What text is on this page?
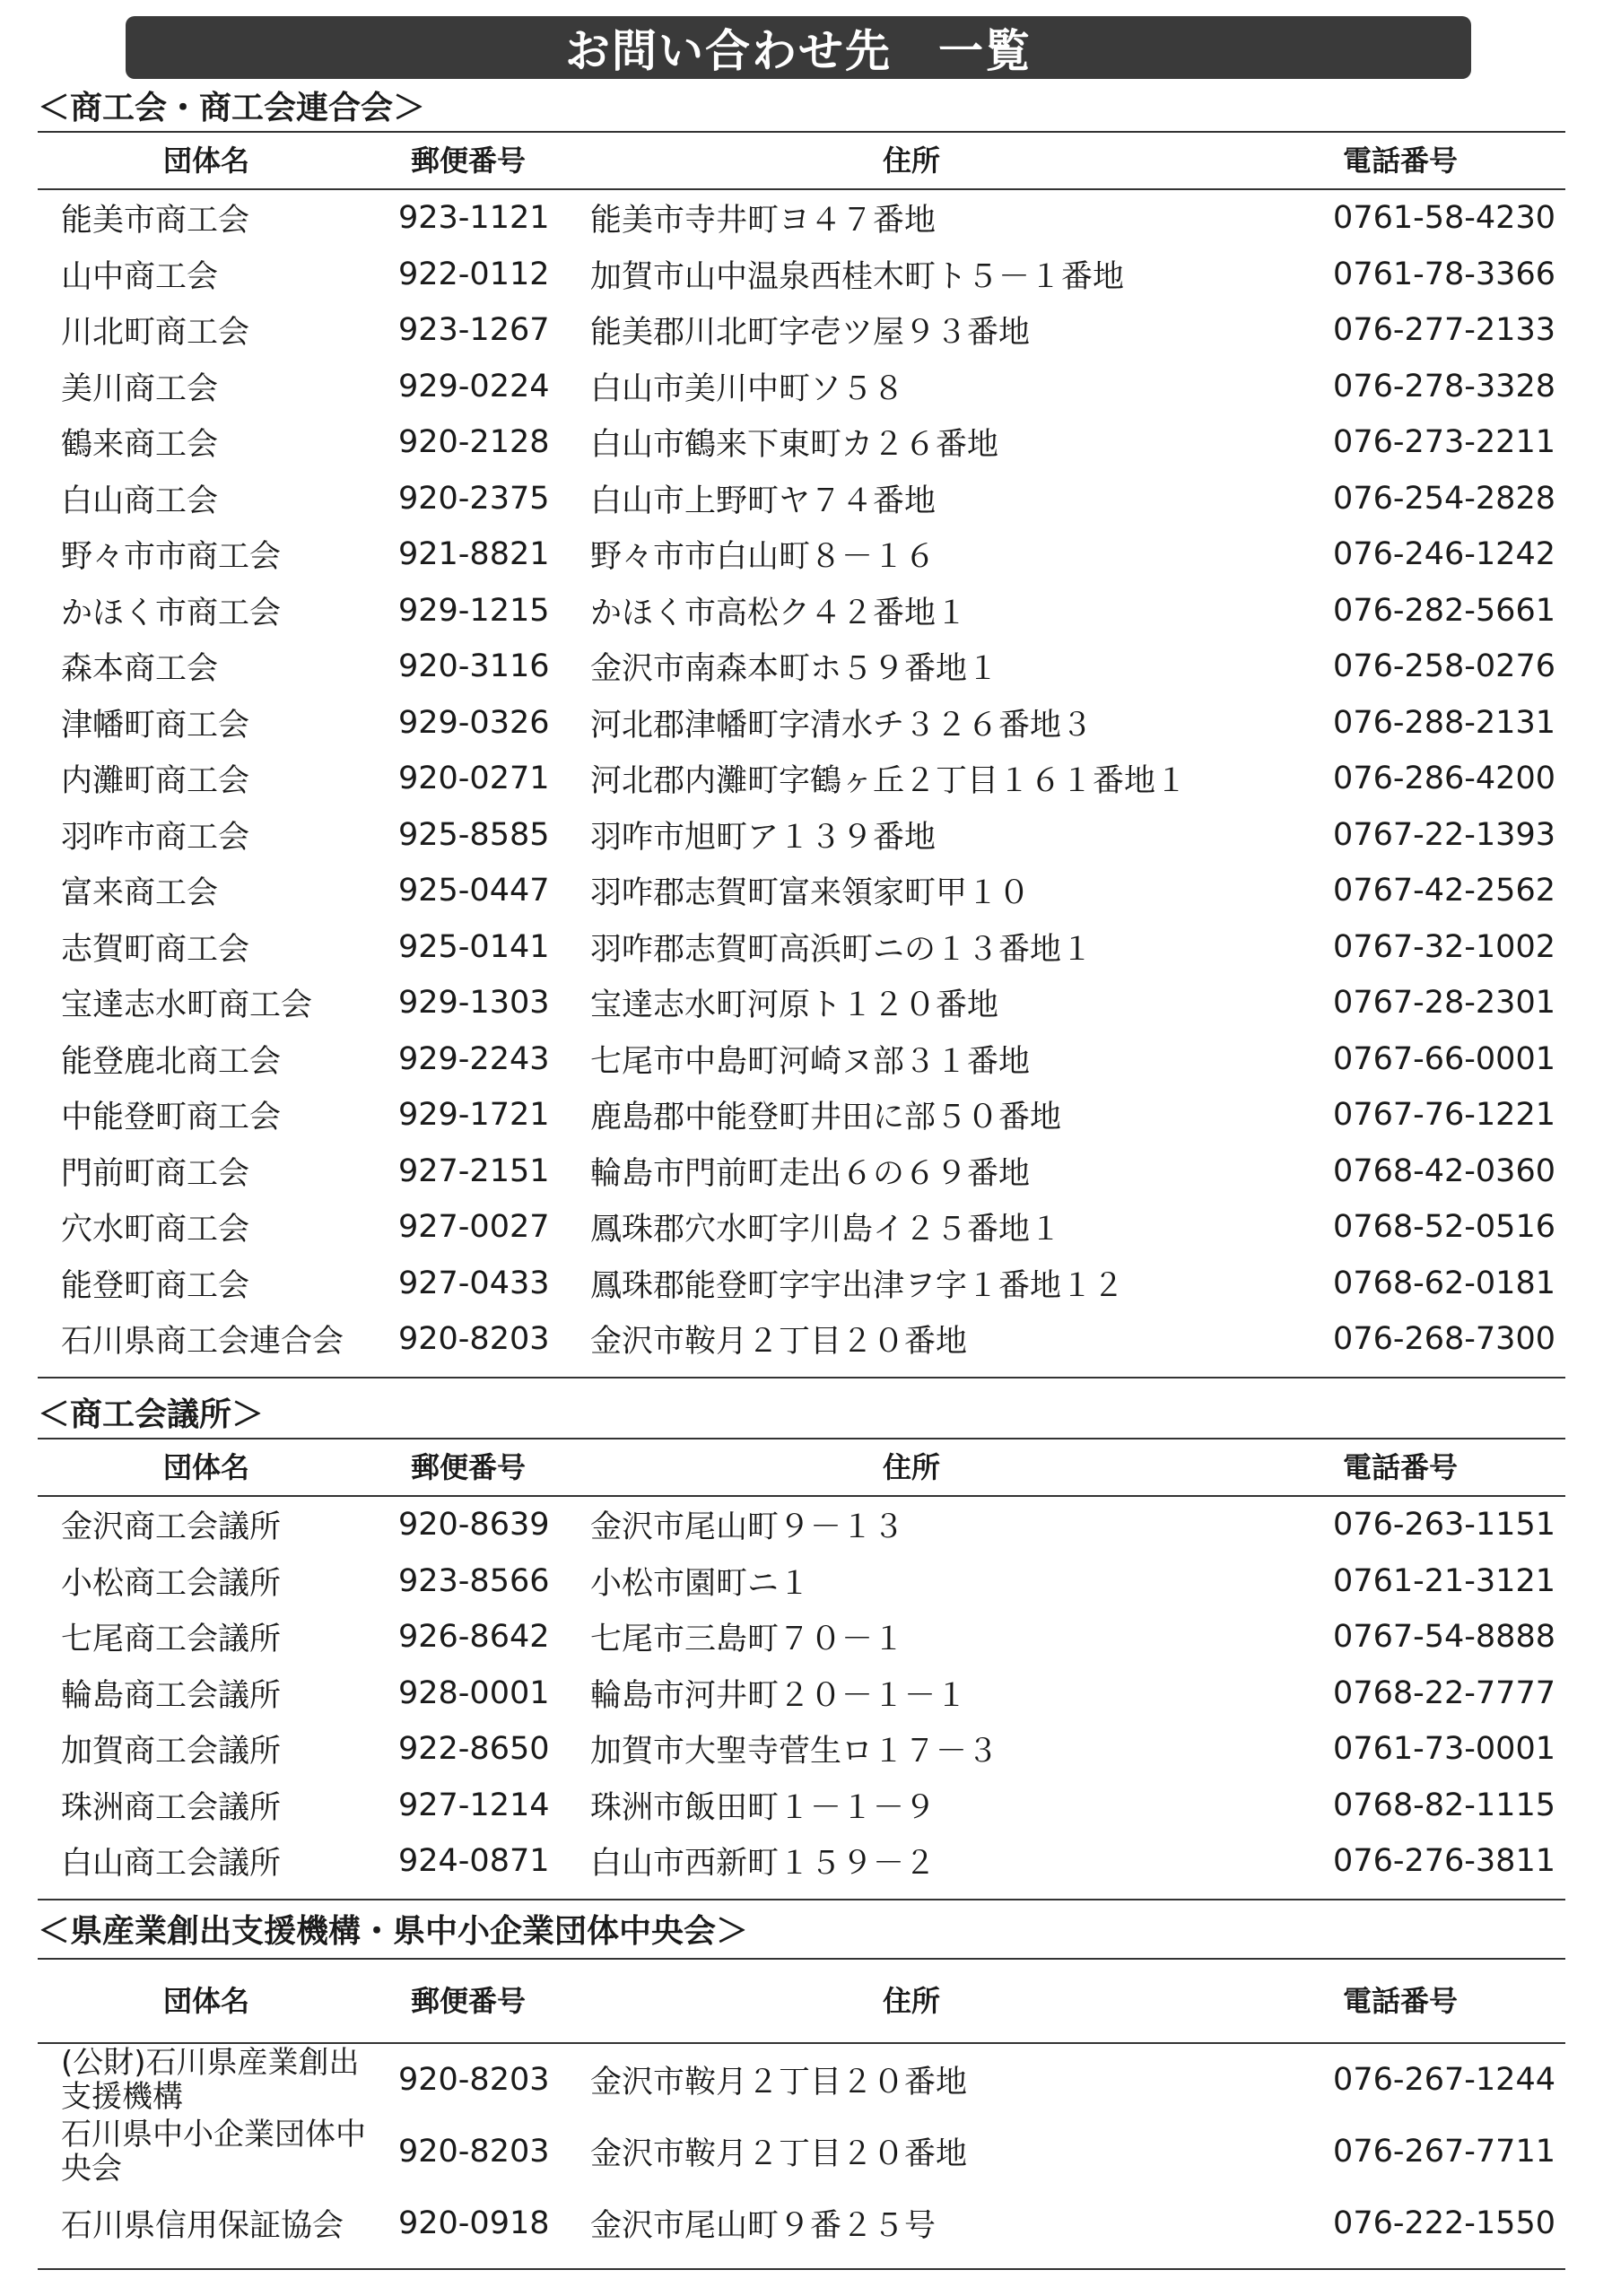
お問い合わせ先　一覧
＜商工会・商工会連合会＞
団体名	郵便番号	住所	電話番号
能美市商工会	923-1121	能美市寺井町ヨ４７番地	0761-58-4230
山中商工会	922-0112	加賀市山中温泉西桂木町ト５－１番地	0761-78-3366
川北町商工会	923-1267	能美郡川北町字壱ツ屋９３番地	076-277-2133
美川商工会	929-0224	白山市美川中町ソ５８	076-278-3328
鶴来商工会	920-2128	白山市鶴来下東町カ２６番地	076-273-2211
白山商工会	920-2375	白山市上野町ヤ７４番地	076-254-2828
野々市市商工会	921-8821	野々市市白山町８－１６	076-246-1242
かほく市商工会	929-1215	かほく市高松ク４２番地１	076-282-5661
森本商工会	920-3116	金沢市南森本町ホ５９番地１	076-258-0276
津幡町商工会	929-0326	河北郡津幡町字清水チ３２６番地３	076-288-2131
内灘町商工会	920-0271	河北郡内灘町字鶴ヶ丘２丁目１６１番地１	076-286-4200
羽咋市商工会	925-8585	羽咋市旭町ア１３９番地	0767-22-1393
富来商工会	925-0447	羽咋郡志賀町富来領家町甲１０	0767-42-2562
志賀町商工会	925-0141	羽咋郡志賀町高浜町ニの１３番地１	0767-32-1002
宝達志水町商工会	929-1303	宝達志水町河原ト１２０番地	0767-28-2301
能登鹿北商工会	929-2243	七尾市中島町河崎ヌ部３１番地	0767-66-0001
中能登町商工会	929-1721	鹿島郡中能登町井田に部５０番地	0767-76-1221
門前町商工会	927-2151	輪島市門前町走出６の６９番地	0768-42-0360
穴水町商工会	927-0027	鳳珠郡穴水町字川島イ２５番地１	0768-52-0516
能登町商工会	927-0433	鳳珠郡能登町字宇出津ヲ字１番地１２	0768-62-0181
石川県商工会連合会	920-8203	金沢市鞍月２丁目２０番地	076-268-7300
＜商工会議所＞
団体名	郵便番号	住所	電話番号
金沢商工会議所	920-8639	金沢市尾山町９－１３	076-263-1151
小松商工会議所	923-8566	小松市園町ニ１	0761-21-3121
七尾商工会議所	926-8642	七尾市三島町７０－１	0767-54-8888
輪島商工会議所	928-0001	輪島市河井町２０－１－１	0768-22-7777
加賀商工会議所	922-8650	加賀市大聖寺菅生ロ１７－３	0761-73-0001
珠洲商工会議所	927-1214	珠洲市飯田町１－１－９	0768-82-1115
白山商工会議所	924-0871	白山市西新町１５９－２	076-276-3811
＜県産業創出支援機構・県中小企業団体中央会＞
団体名	郵便番号	住所	電話番号
(公財)石川県産業創出支援機構	920-8203	金沢市鞍月２丁目２０番地	076-267-1244
石川県中小企業団体中央会	920-8203	金沢市鞍月２丁目２０番地	076-267-7711
石川県信用保証協会	920-0918	金沢市尾山町９番２５号	076-222-1550
